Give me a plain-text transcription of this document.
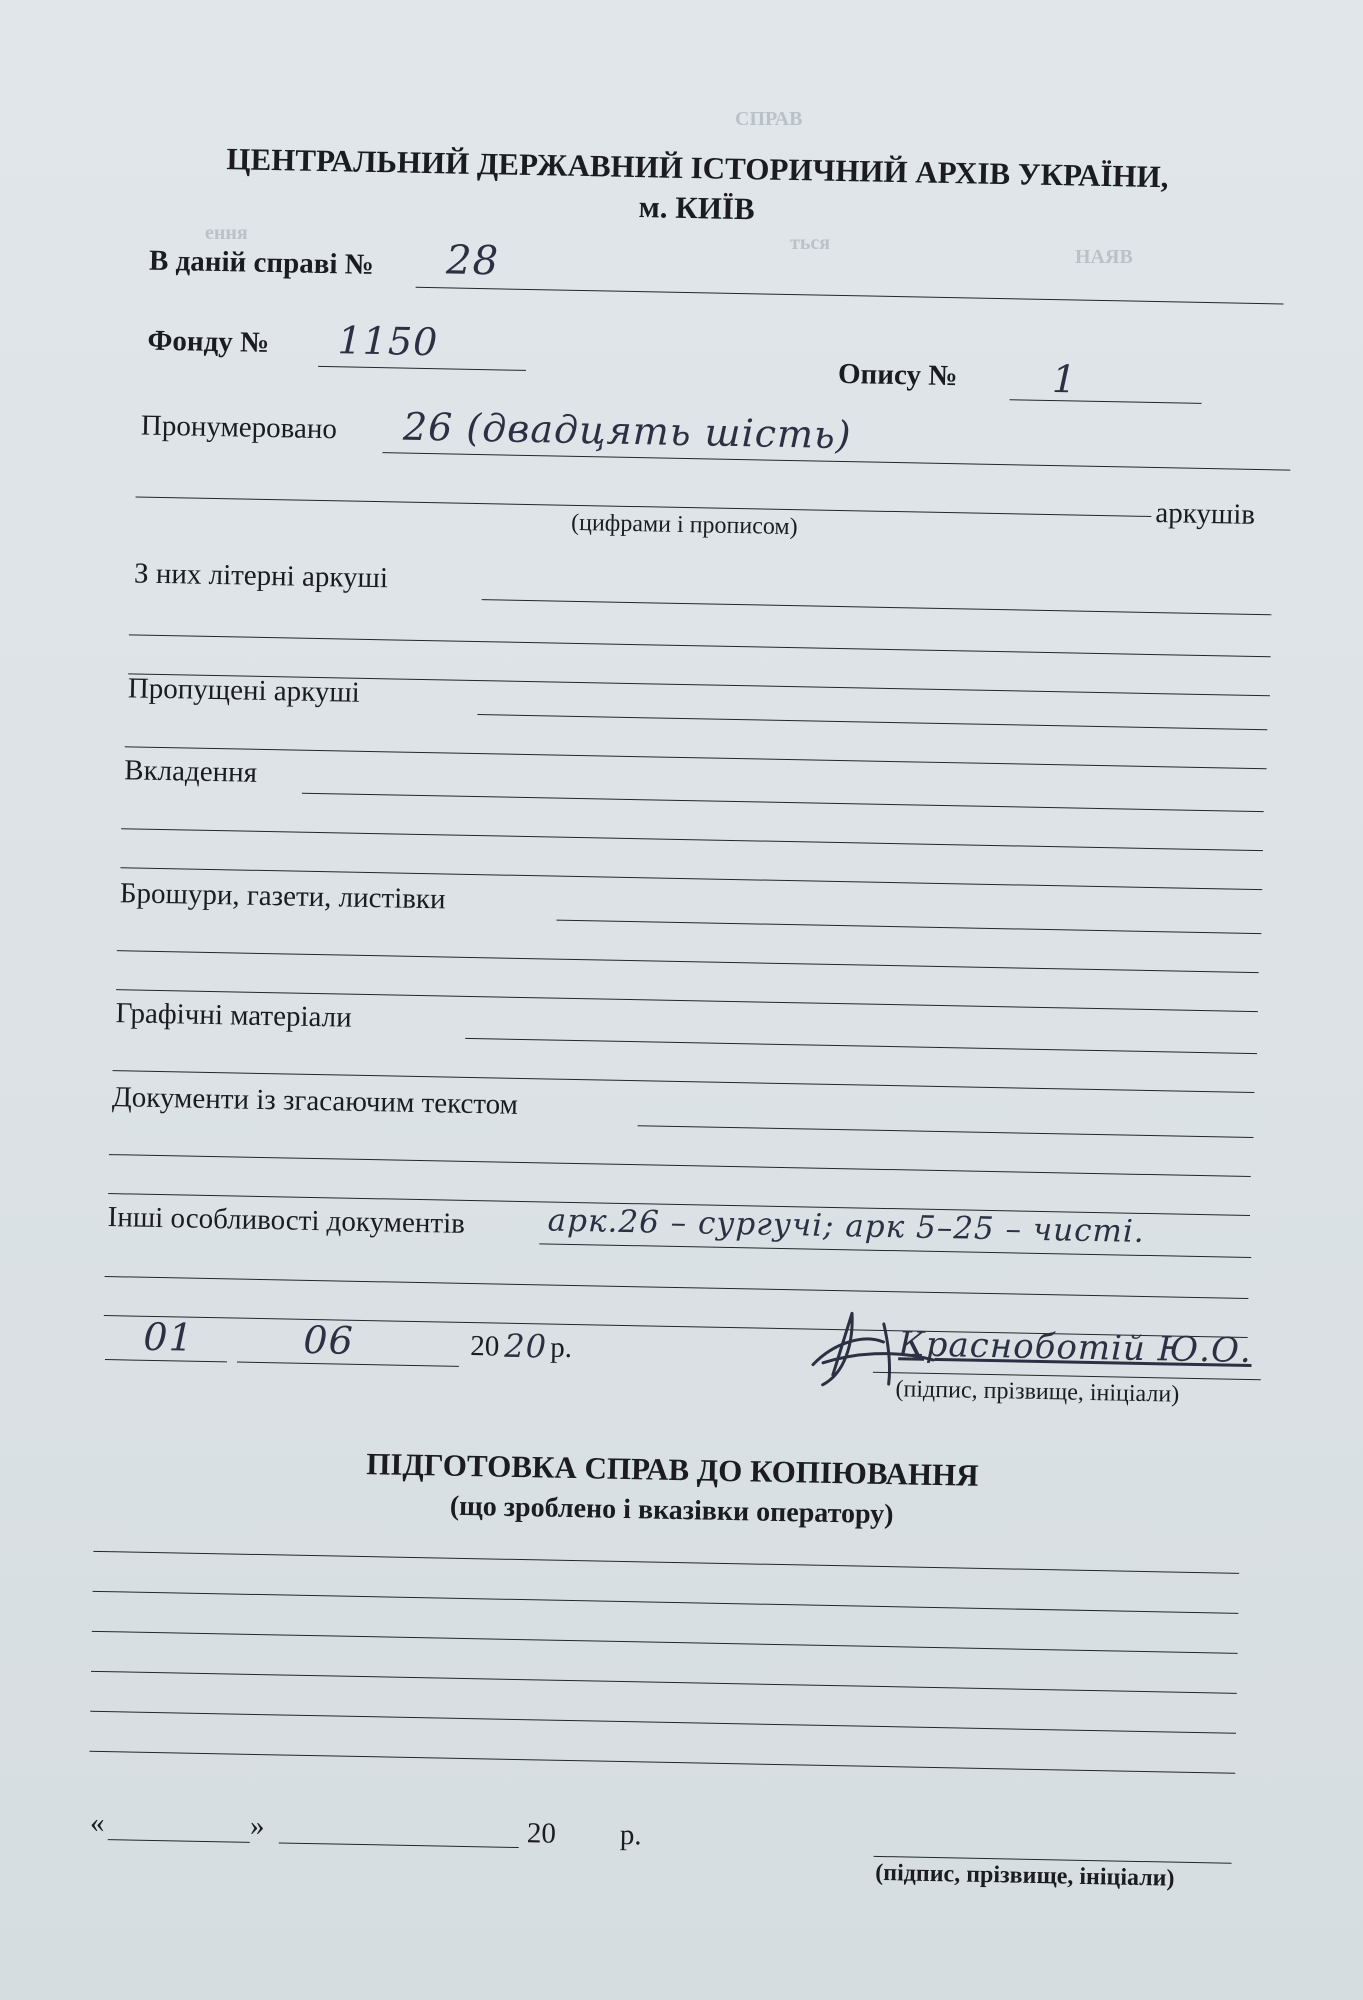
СПРАВ
ення	ться
НАЯВ
ЦЕНТРАЛЬНИЙ ДЕРЖАВНИЙ ІСТОРИЧНИЙ АРХІВ УКРАЇНИ,
м. КИЇВ
В даній справі № 28
Фонду № 1150
Опису № 1
Пронумеровано 26 (двадцять шість)
аркушів
(цифрами і прописом)
З них літерні аркуші
Пропущені аркуші
Вкладення
Брошури, газети, листівки
Графічні матеріали
Документи із згасаючим текстом
Інші особливості документів	арк.26 – сургучі; арк 5–25 – чисті.
01	06	20 20 р.	Красноботій Ю.О.
(підпис, прізвище, ініціали)
ПІДГОТОВКА СПРАВ ДО КОПІЮВАННЯ
(що зроблено і вказівки оператору)
«	»	20 р.
(підпис, прізвище, ініціали)
